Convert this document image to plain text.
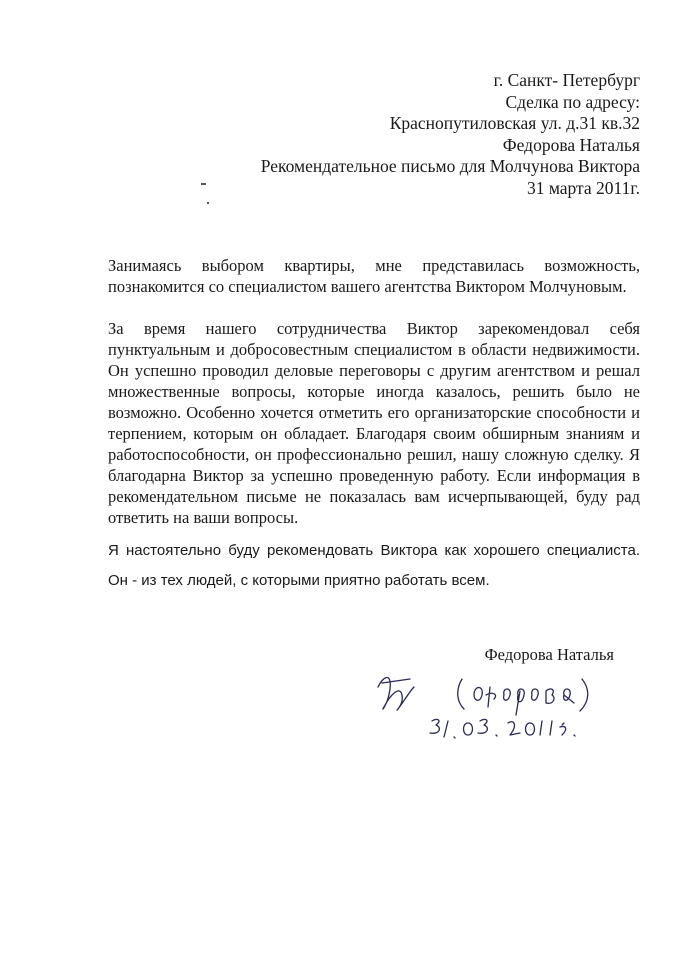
г. Санкт- Петербург
Сделка по адресу:
Краснопутиловская ул. д.31 кв.32
Федорова Наталья
Рекомендательное письмо для Молчунова Виктора
31 марта 2011г.
Занимаясь выбором квартиры, мне представилась возможность, познакомится со специалистом вашего агентства Виктором Молчуновым.
За время нашего сотрудничества Виктор зарекомендовал себя пунктуальным и добросовестным специалистом в области недвижимости. Он успешно проводил деловые переговоры с другим агентством и решал множественные вопросы, которые иногда казалось, решить было не возможно. Особенно хочется отметить его организаторские способности и терпением, которым он обладает. Благодаря своим обширным знаниям и работоспособности, он профессионально решил, нашу сложную сделку. Я благодарна Виктор за успешно проведенную работу. Если информация в рекомендательном письме не показалась вам исчерпывающей, буду рад ответить на ваши вопросы.
Я настоятельно буду рекомендовать Виктора как хорошего специалиста. Он - из тех людей, с которыми приятно работать всем.
Федорова Наталья
